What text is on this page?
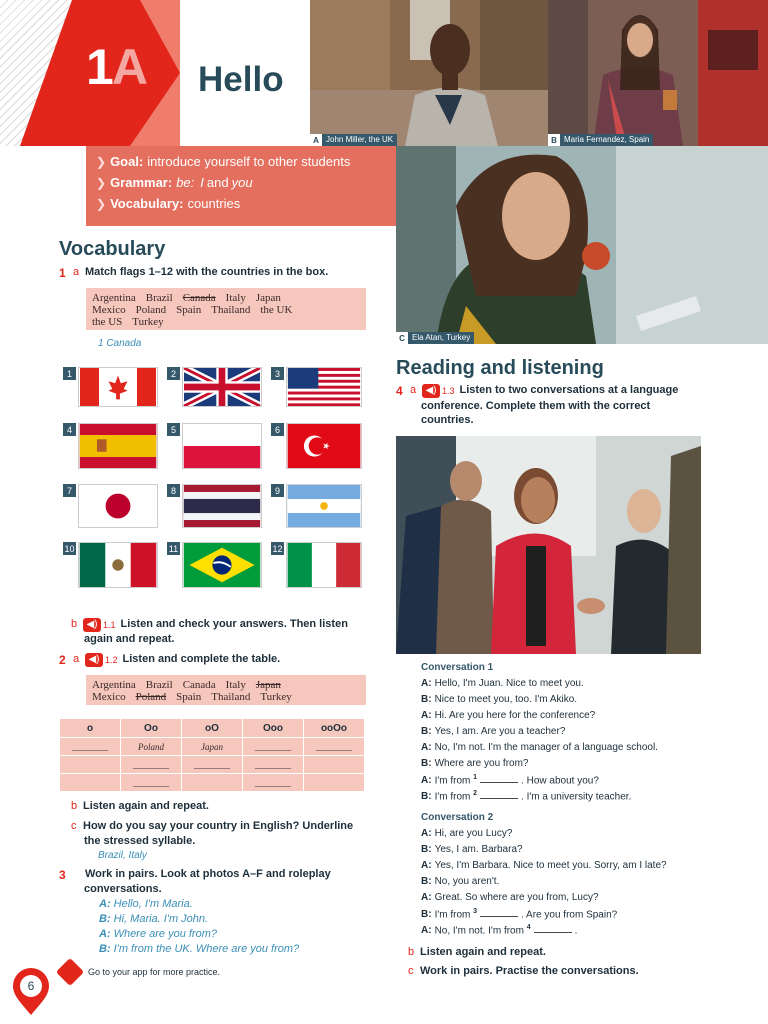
1A Hello
A John Miller, the UK	B Maria Fernandez, Spain
❯ Goal: introduce yourself to other students
❯ Grammar: be: I and you
❯ Vocabulary: countries
C Ela Atan, Turkey
Vocabulary
1 a Match flags 1–12 with the countries in the box.
Argentina Brazil Canada Italy Japan
Mexico Poland Spain Thailand the UK
the US Turkey
1 Canada
1	2	3
4	5	6
7	8	9
10	11	12
b ◀) 1.1 Listen and check your answers. Then listen
again and repeat.
2 a ◀) 1.2 Listen and complete the table.
Argentina Brazil Canada Italy Japan
Mexico Poland Spain Thailand Turkey
o	Oo	oO	Ooo	ooOo
________	Poland	Japan	________	________
	________	________	________	
	________		________	
b Listen again and repeat.
c How do you say your country in English? Underline
the stressed syllable.
Brazil, Italy
3	Work in pairs. Look at photos A–F and roleplay
conversations.
A: Hello, I'm Maria.
B: Hi, Maria. I'm John.
A: Where are you from?
B: I'm from the UK. Where are you from?
Go to your app for more practice.
6
Reading and listening
4 a ◀) 1.3 Listen to two conversations at a language
conference. Complete them with the correct
countries.
Conversation 1
A: Hello, I'm Juan. Nice to meet you.
B: Nice to meet you, too. I'm Akiko.
A: Hi. Are you here for the conference?
B: Yes, I am. Are you a teacher?
A: No, I'm not. I'm the manager of a language school.
B: Where are you from?
A: I'm from $^1$	. How about you?
B: I'm from $^2$	. I'm a university teacher.
Conversation 2
A: Hi, are you Lucy?
B: Yes, I am. Barbara?
A: Yes, I'm Barbara. Nice to meet you. Sorry, am I late?
B: No, you aren't.
A: Great. So where are you from, Lucy?
B: I'm from $^3$	. Are you from Spain?
A: No, I'm not. I'm from $^4$	.
b Listen again and repeat.
c Work in pairs. Practise the conversations.
